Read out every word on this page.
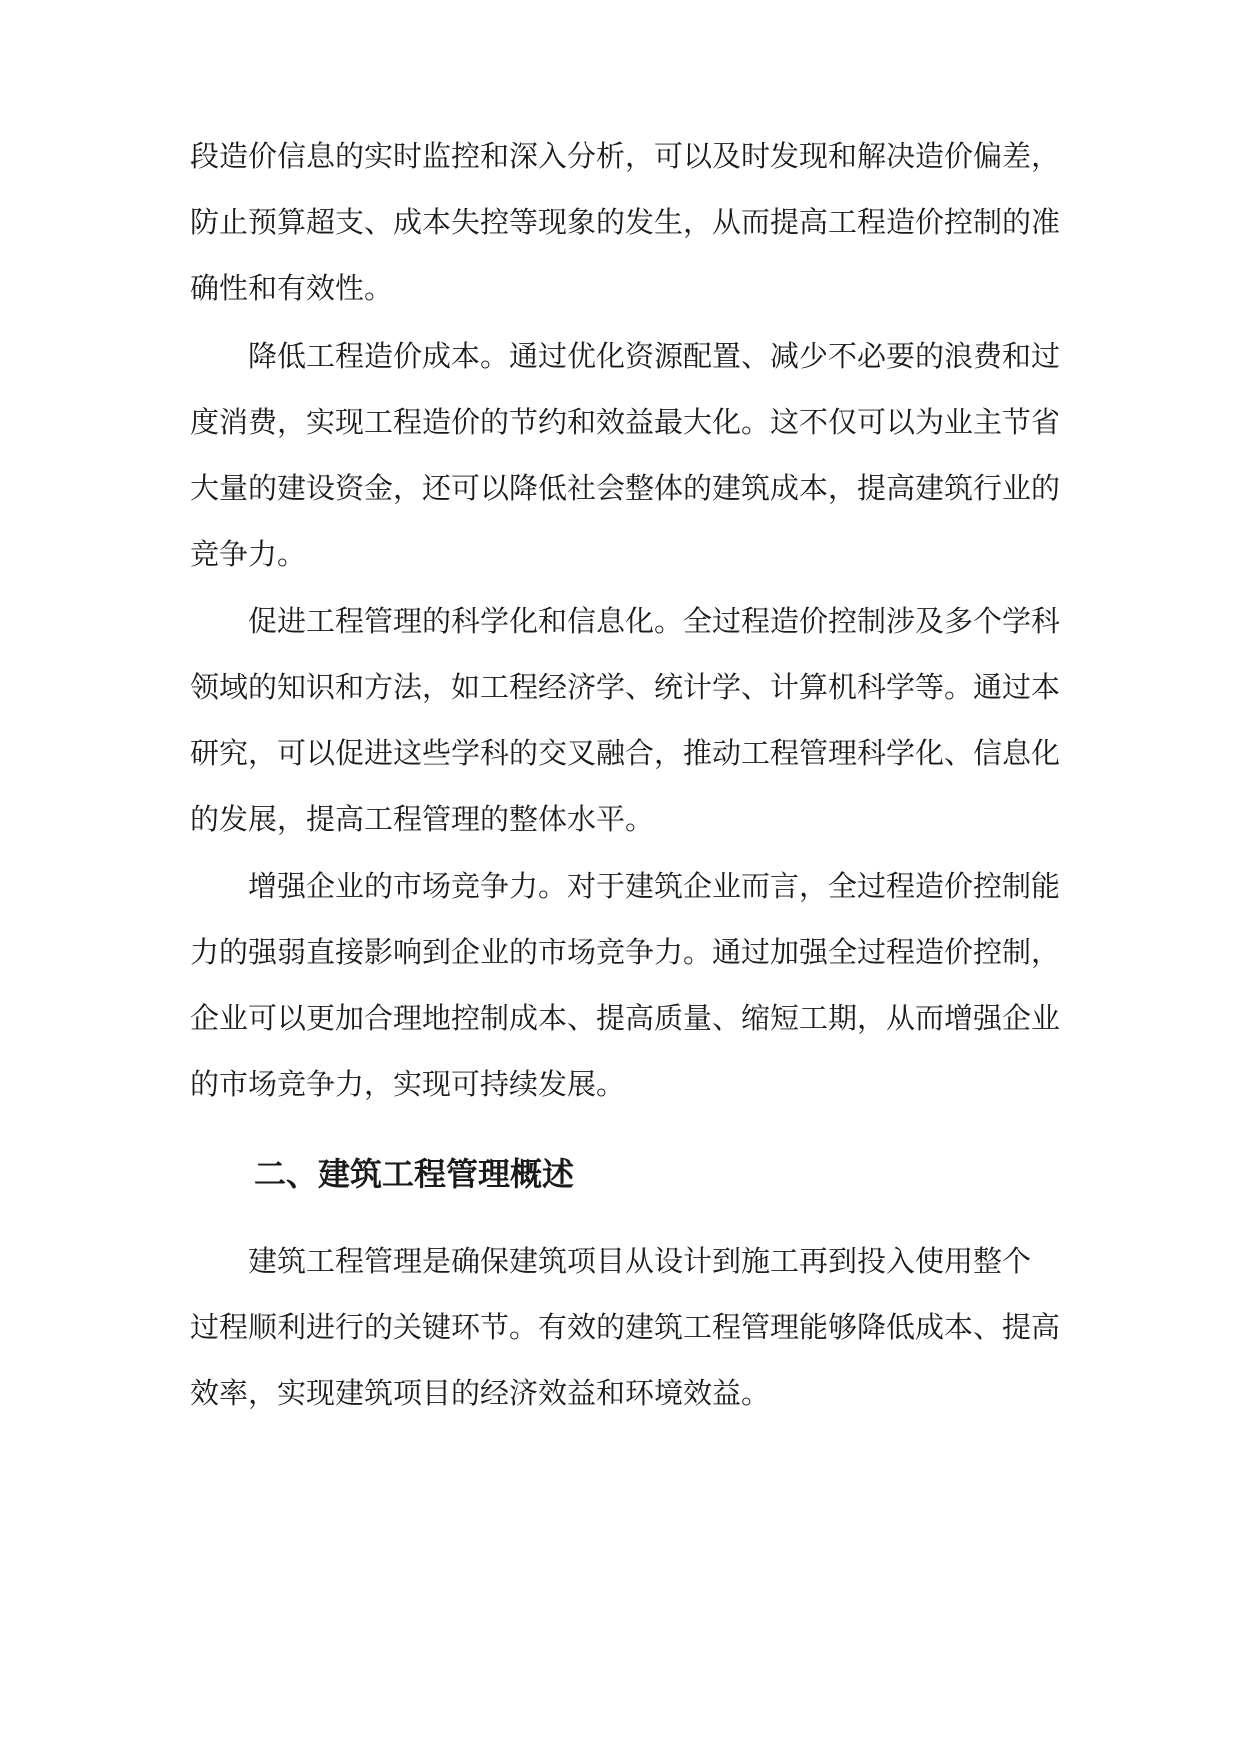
段造价信息的实时监控和深入分析，可以及时发现和解决造价偏差，
防止预算超支、成本失控等现象的发生，从而提高工程造价控制的准
确性和有效性。
　　降低工程造价成本。通过优化资源配置、减少不必要的浪费和过
度消费，实现工程造价的节约和效益最大化。这不仅可以为业主节省
大量的建设资金，还可以降低社会整体的建筑成本，提高建筑行业的
竞争力。
　　促进工程管理的科学化和信息化。全过程造价控制涉及多个学科
领域的知识和方法，如工程经济学、统计学、计算机科学等。通过本
研究，可以促进这些学科的交叉融合，推动工程管理科学化、信息化
的发展，提高工程管理的整体水平。
　　增强企业的市场竞争力。对于建筑企业而言，全过程造价控制能
力的强弱直接影响到企业的市场竞争力。通过加强全过程造价控制，
企业可以更加合理地控制成本、提高质量、缩短工期，从而增强企业
的市场竞争力，实现可持续发展。
二、建筑工程管理概述
　　建筑工程管理是确保建筑项目从设计到施工再到投入使用整个
过程顺利进行的关键环节。有效的建筑工程管理能够降低成本、提高
效率，实现建筑项目的经济效益和环境效益。
